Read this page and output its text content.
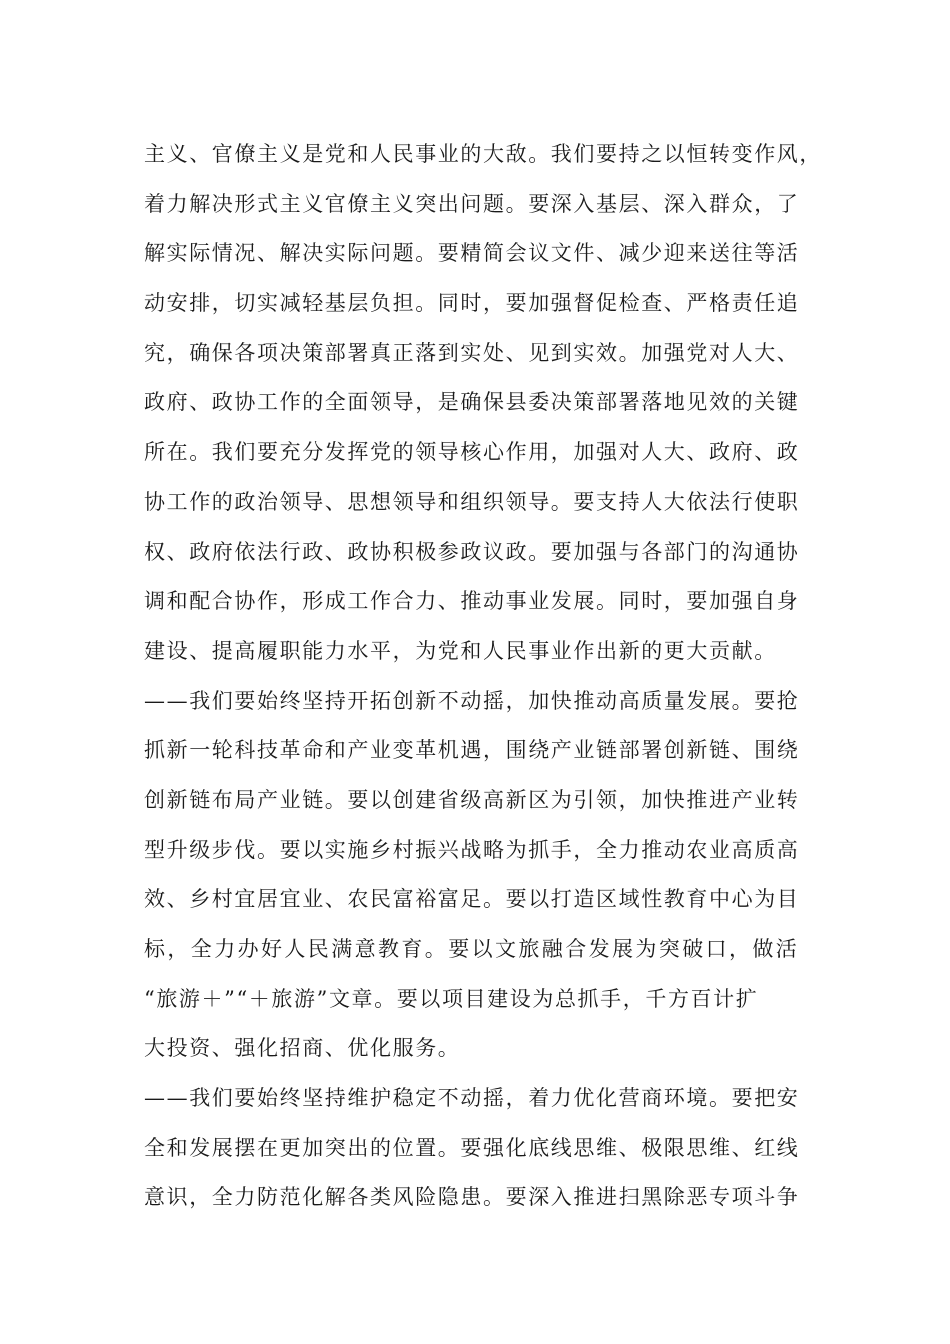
主义、官僚主义是党和人民事业的大敌。我们要持之以恒转变作风，
着力解决形式主义官僚主义突出问题。要深入基层、深入群众，了
解实际情况、解决实际问题。要精简会议文件、减少迎来送往等活
动安排，切实减轻基层负担。同时，要加强督促检查、严格责任追
究，确保各项决策部署真正落到实处、见到实效。加强党对人大、
政府、政协工作的全面领导，是确保县委决策部署落地见效的关键
所在。我们要充分发挥党的领导核心作用，加强对人大、政府、政
协工作的政治领导、思想领导和组织领导。要支持人大依法行使职
权、政府依法行政、政协积极参政议政。要加强与各部门的沟通协
调和配合协作，形成工作合力、推动事业发展。同时，要加强自身
建设、提高履职能力水平，为党和人民事业作出新的更大贡献。
——我们要始终坚持开拓创新不动摇，加快推动高质量发展。要抢
抓新一轮科技革命和产业变革机遇，围绕产业链部署创新链、围绕
创新链布局产业链。要以创建省级高新区为引领，加快推进产业转
型升级步伐。要以实施乡村振兴战略为抓手，全力推动农业高质高
效、乡村宜居宜业、农民富裕富足。要以打造区域性教育中心为目
标，全力办好人民满意教育。要以文旅融合发展为突破口，做活
“旅游＋”“＋旅游”文章。要以项目建设为总抓手，千方百计扩
大投资、强化招商、优化服务。
——我们要始终坚持维护稳定不动摇，着力优化营商环境。要把安
全和发展摆在更加突出的位置。要强化底线思维、极限思维、红线
意识，全力防范化解各类风险隐患。要深入推进扫黑除恶专项斗争
